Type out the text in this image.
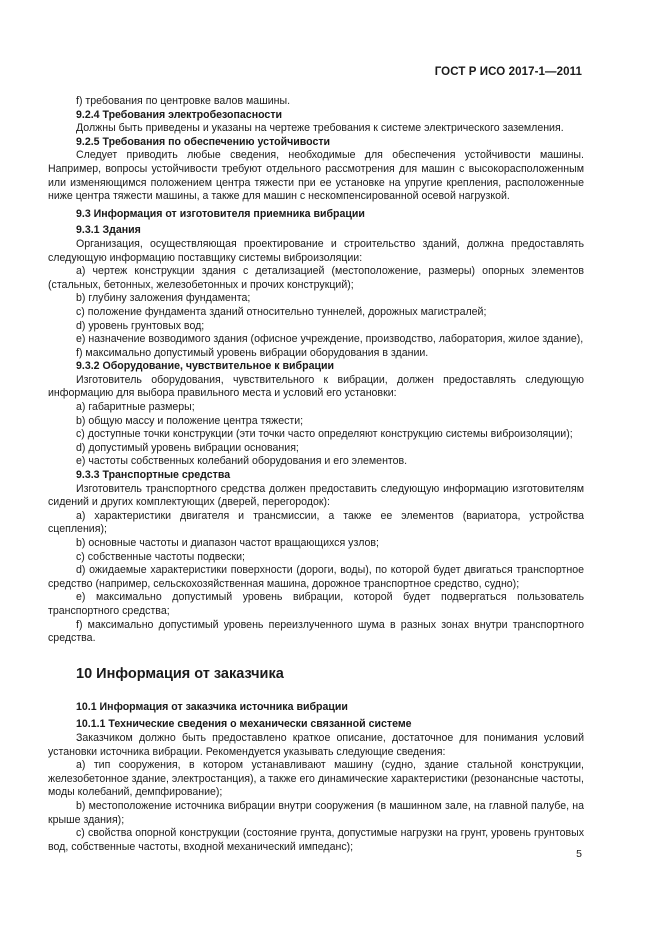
ГОСТ Р ИСО 2017-1—2011

f) требования по центровке валов машины.

9.2.4 Требования электробезопасности

Должны быть приведены и указаны на чертеже требования к системе электрического заземления.

9.2.5 Требования по обеспечению устойчивости

Следует приводить любые сведения, необходимые для обеспечения устойчивости машины. Например, вопросы устойчивости требуют отдельного рассмотрения для машин с высокорасположенным или изменяющимся положением центра тяжести при ее установке на упругие крепления, расположенные ниже центра тяжести машины, а также для машин с нескомпенсированной осевой нагрузкой.

9.3 Информация от изготовителя приемника вибрации

9.3.1 Здания

Организация, осуществляющая проектирование и строительство зданий, должна предоставлять следующую информацию поставщику системы виброизоляции:

a) чертеж конструкции здания с детализацией (местоположение, размеры) опорных элементов (стальных, бетонных, железобетонных и прочих конструкций);

b) глубину заложения фундамента;

c) положение фундамента зданий относительно туннелей, дорожных магистралей;

d) уровень грунтовых вод;

e) назначение возводимого здания (офисное учреждение, производство, лаборатория, жилое здание),

f) максимально допустимый уровень вибрации оборудования в здании.

9.3.2 Оборудование, чувствительное к вибрации

Изготовитель оборудования, чувствительного к вибрации, должен предоставлять следующую информацию для выбора правильного места и условий его установки:

a) габаритные размеры;

b) общую массу и положение центра тяжести;

c) доступные точки конструкции (эти точки часто определяют конструкцию системы виброизоляции);

d) допустимый уровень вибрации основания;

e) частоты собственных колебаний оборудования и его элементов.

9.3.3 Транспортные средства

Изготовитель транспортного средства должен предоставить следующую информацию изготовителям сидений и других комплектующих (дверей, перегородок):

a) характеристики двигателя и трансмиссии, а также ее элементов (вариатора, устройства сцепления);

b) основные частоты и диапазон частот вращающихся узлов;

c) собственные частоты подвески;

d) ожидаемые характеристики поверхности (дороги, воды), по которой будет двигаться транспортное средство (например, сельскохозяйственная машина, дорожное транспортное средство, судно);

e) максимально допустимый уровень вибрации, которой будет подвергаться пользователь транспортного средства;

f) максимально допустимый уровень переизлученного шума в разных зонах внутри транспортного средства.

10 Информация от заказчика

10.1 Информация от заказчика источника вибрации

10.1.1 Технические сведения о механически связанной системе

Заказчиком должно быть предоставлено краткое описание, достаточное для понимания условий установки источника вибрации. Рекомендуется указывать следующие сведения:

a) тип сооружения, в котором устанавливают машину (судно, здание стальной конструкции, железобетонное здание, электростанция), а также его динамические характеристики (резонансные частоты, моды колебаний, демпфирование);

b) местоположение источника вибрации внутри сооружения (в машинном зале, на главной палубе, на крыше здания);

c) свойства опорной конструкции (состояние грунта, допустимые нагрузки на грунт, уровень грунтовых вод, собственные частоты, входной механический импеданс);

5
